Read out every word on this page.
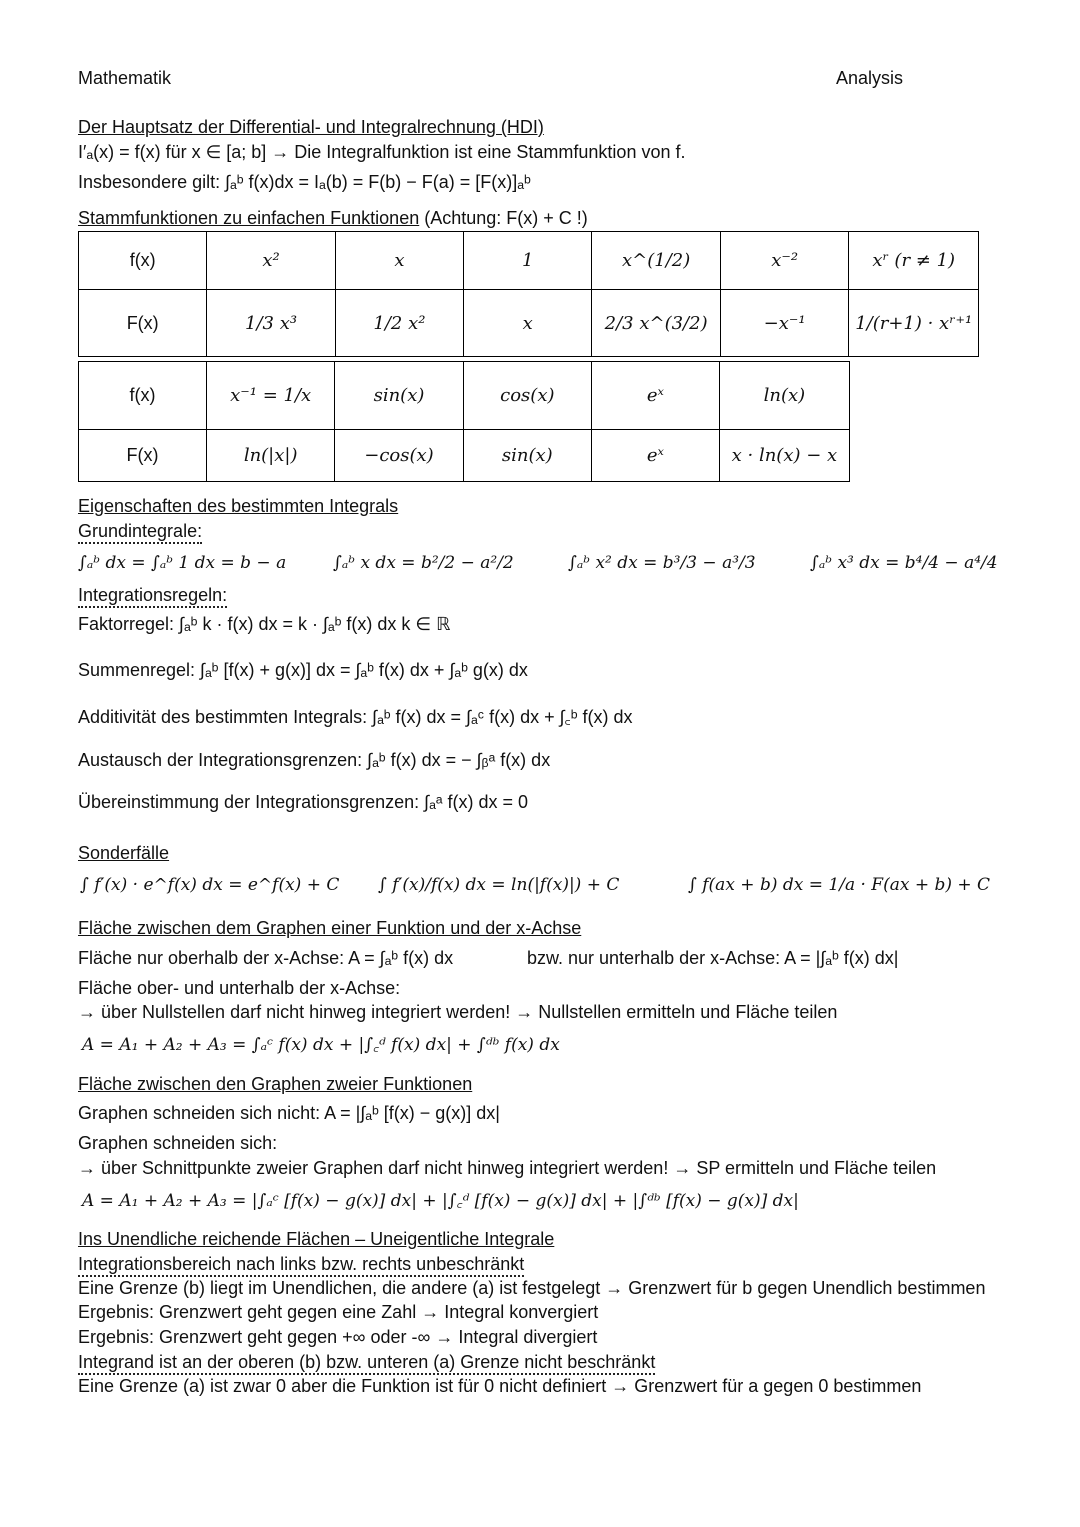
Mathematik	Analysis
Der Hauptsatz der Differential- und Integralrechnung (HDI)
I′ₐ(x) = f(x) für x ∈ [a; b] → Die Integralfunktion ist eine Stammfunktion von f.
Insbesondere gilt: ∫ₐᵇ f(x)dx = Iₐ(b) = F(b) − F(a) = [F(x)]ₐᵇ
Stammfunktionen zu einfachen Funktionen (Achtung: F(x) + C !)
f(x)	x²	x	1	x^(1/2)	x⁻²	xʳ (r ≠ 1)
F(x)	1/3 x³	1/2 x²	x	2/3 x^(3/2)	−x⁻¹	1/(r+1) · xʳ⁺¹
f(x)	x⁻¹ = 1/x	sin(x)	cos(x)	eˣ	ln(x)
F(x)	ln(|x|)	−cos(x)	sin(x)	eˣ	x · ln(x) − x
Eigenschaften des bestimmten Integrals
Grundintegrale:
∫ₐᵇ dx = ∫ₐᵇ 1 dx = b − a	∫ₐᵇ x dx = b²/2 − a²/2	∫ₐᵇ x² dx = b³/3 − a³/3	∫ₐᵇ x³ dx = b⁴/4 − a⁴/4
Integrationsregeln:
Faktorregel: ∫ₐᵇ k · f(x) dx = k · ∫ₐᵇ f(x) dx k ∈ ℝ
Summenregel: ∫ₐᵇ [f(x) + g(x)] dx = ∫ₐᵇ f(x) dx + ∫ₐᵇ g(x) dx
Additivität des bestimmten Integrals: ∫ₐᵇ f(x) dx = ∫ₐᶜ f(x) dx + ∫꜀ᵇ f(x) dx
Austausch der Integrationsgrenzen: ∫ₐᵇ f(x) dx = − ∫ᵦᵃ f(x) dx
Übereinstimmung der Integrationsgrenzen: ∫ₐᵃ f(x) dx = 0
Sonderfälle
∫ f′(x) · e^f(x) dx = e^f(x) + C ∫ f′(x)/f(x) dx = ln(|f(x)|) + C	∫ f(ax + b) dx = 1/a · F(ax + b) + C
Fläche zwischen dem Graphen einer Funktion und der x-Achse
Fläche nur oberhalb der x-Achse: A = ∫ₐᵇ f(x) dx	bzw. nur unterhalb der x-Achse: A = |∫ₐᵇ f(x) dx|
Fläche ober- und unterhalb der x-Achse:
→ über Nullstellen darf nicht hinweg integriert werden! → Nullstellen ermitteln und Fläche teilen
A = A₁ + A₂ + A₃ = ∫ₐᶜ f(x) dx + |∫꜀ᵈ f(x) dx| + ∫ᵈᵇ f(x) dx
Fläche zwischen den Graphen zweier Funktionen
Graphen schneiden sich nicht: A = |∫ₐᵇ [f(x) − g(x)] dx|
Graphen schneiden sich:
→ über Schnittpunkte zweier Graphen darf nicht hinweg integriert werden! → SP ermitteln und Fläche teilen
A = A₁ + A₂ + A₃ = |∫ₐᶜ [f(x) − g(x)] dx| + |∫꜀ᵈ [f(x) − g(x)] dx| + |∫ᵈᵇ [f(x) − g(x)] dx|
Ins Unendliche reichende Flächen – Uneigentliche Integrale
Integrationsbereich nach links bzw. rechts unbeschränkt
Eine Grenze (b) liegt im Unendlichen, die andere (a) ist festgelegt → Grenzwert für b gegen Unendlich bestimmen
Ergebnis: Grenzwert geht gegen eine Zahl → Integral konvergiert
Ergebnis: Grenzwert geht gegen +∞ oder -∞ → Integral divergiert
Integrand ist an der oberen (b) bzw. unteren (a) Grenze nicht beschränkt
Eine Grenze (a) ist zwar 0 aber die Funktion ist für 0 nicht definiert → Grenzwert für a gegen 0 bestimmen
